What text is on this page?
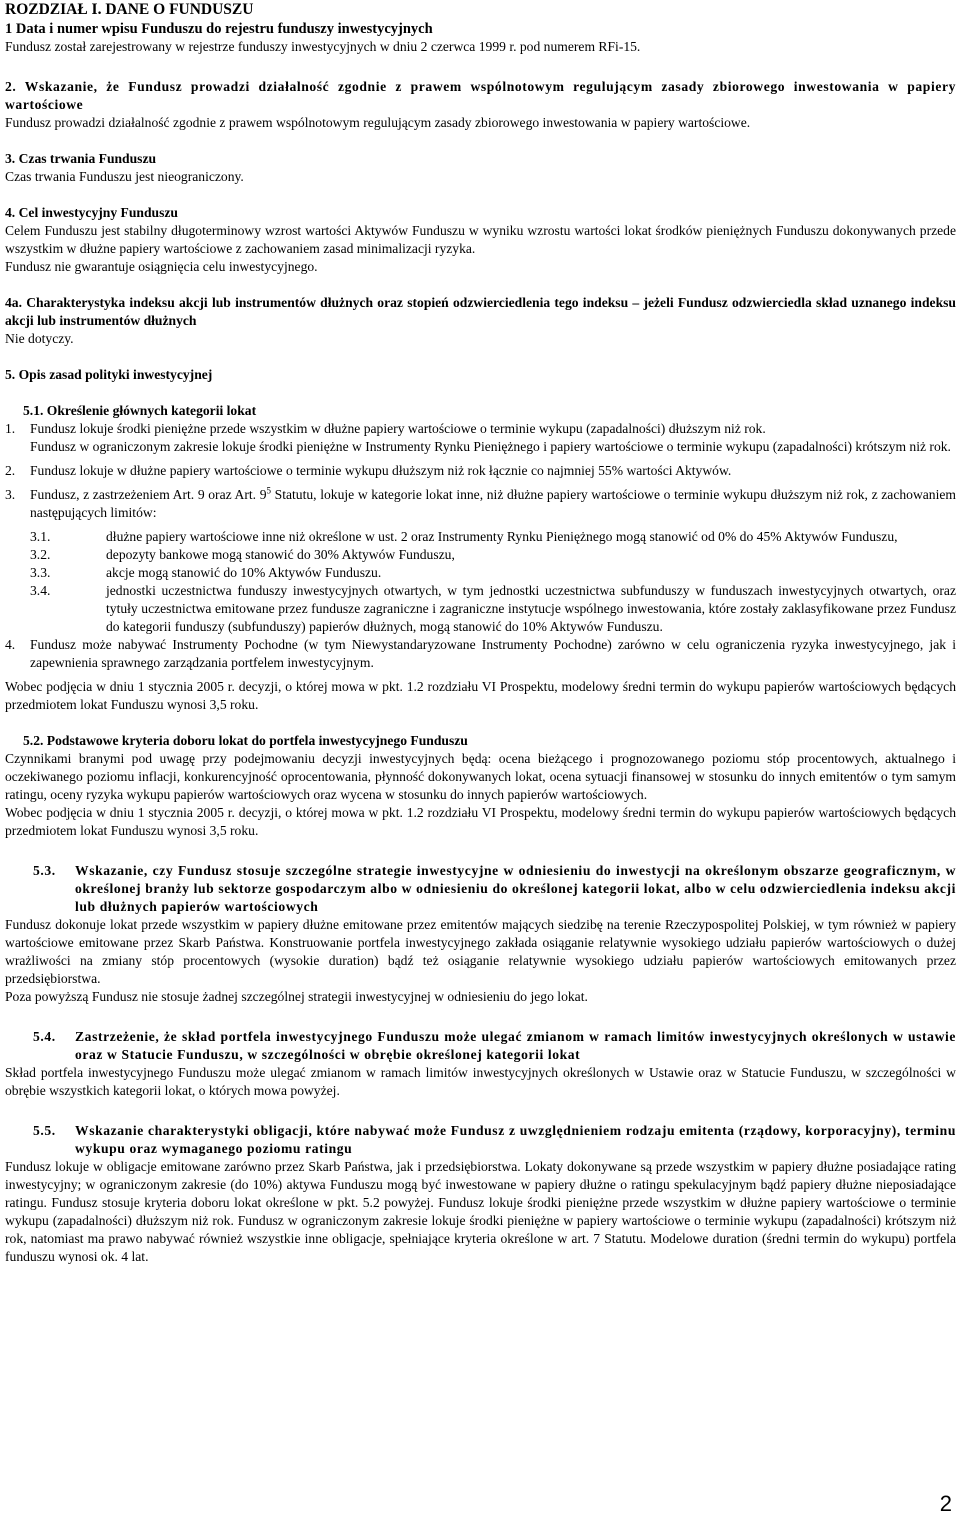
ROZDZIAŁ I. DANE O FUNDUSZU

1 Data i numer wpisu Funduszu do rejestru funduszy inwestycyjnych

Fundusz został zarejestrowany w rejestrze funduszy inwestycyjnych w dniu 2 czerwca 1999 r. pod numerem RFi-15.

2. Wskazanie, że Fundusz prowadzi działalność zgodnie z prawem wspólnotowym regulującym zasady zbiorowego inwestowania w papiery wartościowe

Fundusz prowadzi działalność zgodnie z prawem wspólnotowym regulującym zasady zbiorowego inwestowania w papiery wartościowe.

3. Czas trwania Funduszu

Czas trwania Funduszu jest nieograniczony.

4. Cel inwestycyjny Funduszu

Celem Funduszu jest stabilny długoterminowy wzrost wartości Aktywów Funduszu w wyniku wzrostu wartości lokat środków pieniężnych Funduszu dokonywanych przede wszystkim w dłużne papiery wartościowe z zachowaniem zasad minimalizacji ryzyka.

Fundusz nie gwarantuje osiągnięcia celu inwestycyjnego.

4a. Charakterystyka indeksu akcji lub instrumentów dłużnych oraz stopień odzwierciedlenia tego indeksu – jeżeli Fundusz odzwierciedla skład uznanego indeksu akcji lub instrumentów dłużnych

Nie dotyczy.

5. Opis zasad polityki inwestycyjnej

5.1. Określenie głównych kategorii lokat

1.	Fundusz lokuje środki pieniężne przede wszystkim w dłużne papiery wartościowe o terminie wykupu (zapadalności) dłuższym niż rok.

Fundusz w ograniczonym zakresie lokuje środki pieniężne w Instrumenty Rynku Pieniężnego i papiery wartościowe o terminie wykupu (zapadalności) krótszym niż rok.

2.	Fundusz lokuje w dłużne papiery wartościowe o terminie wykupu dłuższym niż rok łącznie co najmniej 55% wartości Aktywów.

3.	Fundusz, z zastrzeżeniem Art. 9 oraz Art. $9^5$ Statutu, lokuje w kategorie lokat inne, niż dłużne papiery wartościowe o terminie wykupu dłuższym niż rok, z zachowaniem następujących limitów:

3.1.	dłużne papiery wartościowe inne niż określone w ust. 2 oraz Instrumenty Rynku Pieniężnego mogą stanowić od 0% do 45% Aktywów Funduszu,

3.2.	depozyty bankowe mogą stanowić do 30% Aktywów Funduszu,

3.3.	akcje mogą stanowić do 10% Aktywów Funduszu.

3.4.	jednostki uczestnictwa funduszy inwestycyjnych otwartych, w tym jednostki uczestnictwa subfunduszy w funduszach inwestycyjnych otwartych, oraz tytuły uczestnictwa emitowane przez fundusze zagraniczne i zagraniczne instytucje wspólnego inwestowania, które zostały zaklasyfikowane przez Fundusz do kategorii funduszy (subfunduszy) papierów dłużnych, mogą stanowić do 10% Aktywów Funduszu.

4.	Fundusz może nabywać Instrumenty Pochodne (w tym Niewystandaryzowane Instrumenty Pochodne) zarówno w celu ograniczenia ryzyka inwestycyjnego, jak i zapewnienia sprawnego zarządzania portfelem inwestycyjnym.

Wobec podjęcia w dniu 1 stycznia 2005 r. decyzji, o której mowa w pkt. 1.2 rozdziału VI Prospektu, modelowy średni termin do wykupu papierów wartościowych będących przedmiotem lokat Funduszu wynosi 3,5 roku.

5.2. Podstawowe kryteria doboru lokat do portfela inwestycyjnego Funduszu

Czynnikami branymi pod uwagę przy podejmowaniu decyzji inwestycyjnych będą: ocena bieżącego i prognozowanego poziomu stóp procentowych, aktualnego i oczekiwanego poziomu inflacji, konkurencyjność oprocentowania, płynność dokonywanych lokat, ocena sytuacji finansowej w stosunku do innych emitentów o tym samym ratingu, oceny ryzyka wykupu papierów wartościowych oraz wycena w stosunku do innych papierów wartościowych.

Wobec podjęcia w dniu 1 stycznia 2005 r. decyzji, o której mowa w pkt. 1.2 rozdziału VI Prospektu, modelowy średni termin do wykupu papierów wartościowych będących przedmiotem lokat Funduszu wynosi 3,5 roku.

5.3.	Wskazanie, czy Fundusz stosuje szczególne strategie inwestycyjne w odniesieniu do inwestycji na określonym obszarze geograficznym, w określonej branży lub sektorze gospodarczym albo w odniesieniu do określonej kategorii lokat, albo w celu odzwierciedlenia indeksu akcji lub dłużnych papierów wartościowych

Fundusz dokonuje lokat przede wszystkim w papiery dłużne emitowane przez emitentów mających siedzibę na terenie Rzeczypospolitej Polskiej, w tym również w papiery wartościowe emitowane przez Skarb Państwa. Konstruowanie portfela inwestycyjnego zakłada osiąganie relatywnie wysokiego udziału papierów wartościowych o dużej wrażliwości na zmiany stóp procentowych (wysokie duration) bądź też osiąganie relatywnie wysokiego udziału papierów wartościowych emitowanych przez przedsiębiorstwa.

Poza powyższą Fundusz nie stosuje żadnej szczególnej strategii inwestycyjnej w odniesieniu do jego lokat.

5.4.	Zastrzeżenie, że skład portfela inwestycyjnego Funduszu może ulegać zmianom w ramach limitów inwestycyjnych określonych w ustawie oraz w Statucie Funduszu, w szczególności w obrębie określonej kategorii lokat

Skład portfela inwestycyjnego Funduszu może ulegać zmianom w ramach limitów inwestycyjnych określonych w Ustawie oraz w Statucie Funduszu, w szczególności w obrębie wszystkich kategorii lokat, o których mowa powyżej.

5.5.	Wskazanie charakterystyki obligacji, które nabywać może Fundusz z uwzględnieniem rodzaju emitenta (rządowy, korporacyjny), terminu wykupu oraz wymaganego poziomu ratingu

Fundusz lokuje w obligacje emitowane zarówno przez Skarb Państwa, jak i przedsiębiorstwa. Lokaty dokonywane są przede wszystkim w papiery dłużne posiadające rating inwestycyjny; w ograniczonym zakresie (do 10%) aktywa Funduszu mogą być inwestowane w papiery dłużne o ratingu spekulacyjnym bądź papiery dłużne nieposiadające ratingu. Fundusz stosuje kryteria doboru lokat określone w pkt. 5.2 powyżej. Fundusz lokuje środki pieniężne przede wszystkim w dłużne papiery wartościowe o terminie wykupu (zapadalności) dłuższym niż rok. Fundusz w ograniczonym zakresie lokuje środki pieniężne w papiery wartościowe o terminie wykupu (zapadalności) krótszym niż rok, natomiast ma prawo nabywać również wszystkie inne obligacje, spełniające kryteria określone w art. 7 Statutu. Modelowe duration (średni termin do wykupu) portfela funduszu wynosi ok. 4 lat.

2
